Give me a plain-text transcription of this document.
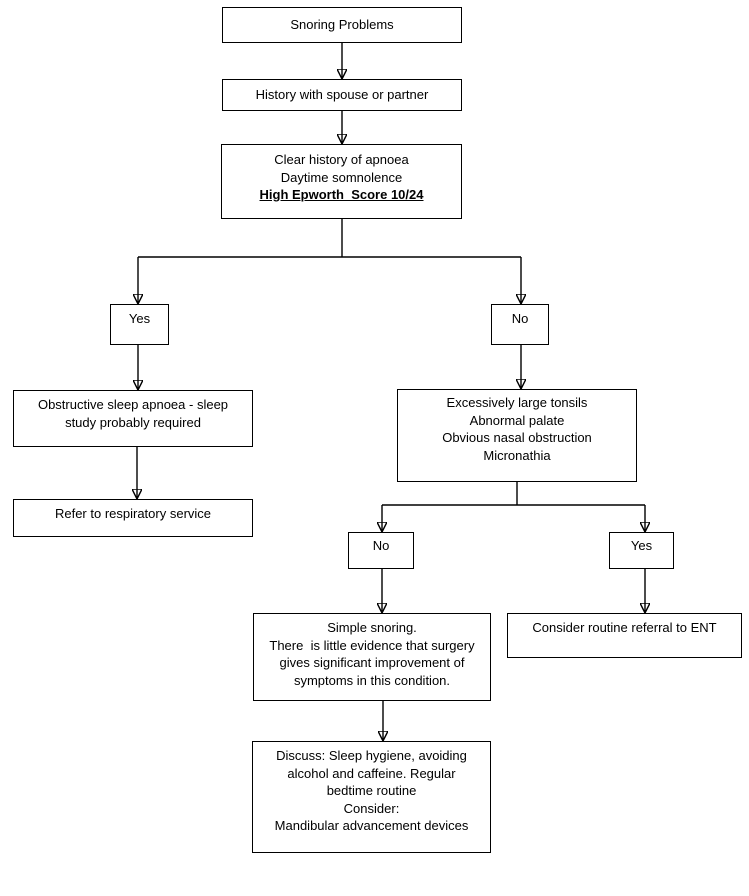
Snoring Problems
History with spouse or partner
Clear history of apnoea
Daytime somnolence
High Epworth  Score 10/24
Yes	No
Obstructive sleep apnoea - sleep
study probably required
Refer to respiratory service
Excessively large tonsils
Abnormal palate
Obvious nasal obstruction
Micronathia
No	Yes
Simple snoring.
There  is little evidence that surgery
gives significant improvement of
symptoms in this condition.
Consider routine referral to ENT
Discuss: Sleep hygiene, avoiding
alcohol and caffeine. Regular
bedtime routine
Consider:
Mandibular advancement devices
